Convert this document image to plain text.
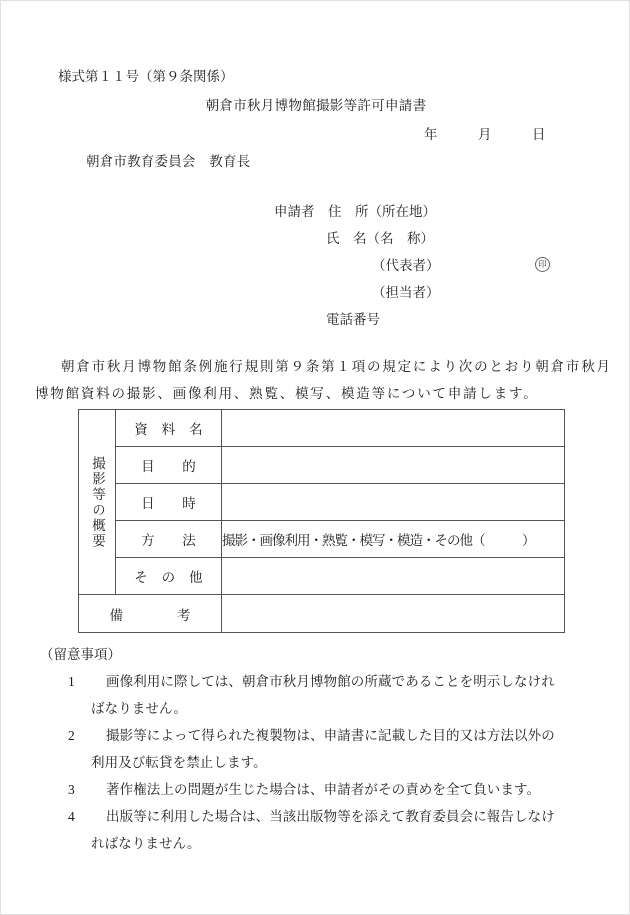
様式第１１号（第９条関係）
朝倉市秋月博物館撮影等許可申請書
年　　　月　　　日
朝倉市教育委員会　教育長
申請者　住　所（所在地）
氏　名（名　称）
（代表者）	印
（担当者）
電話番号
朝倉市秋月博物館条例施行規則第９条第１項の規定により次のとおり朝倉市秋月
博物館資料の撮影、画像利用、熟覧、模写、模造等について申請します。
撮影等の概要	資　料　名	
	目　　的	
	日　　時	
	方　　法	撮影・画像利用・熟覧・模写・模造・その他（　　　）
	そ　の　他	
備　　　　考		
（留意事項）
1	画像利用に際しては、朝倉市秋月博物館の所蔵であることを明示しなけれ
ばなりません。
2	撮影等によって得られた複製物は、申請書に記載した目的又は方法以外の
利用及び転貸を禁止します。
3	著作権法上の問題が生じた場合は、申請者がその責めを全て負います。
4	出版等に利用した場合は、当該出版物等を添えて教育委員会に報告しなけ
ればなりません。
